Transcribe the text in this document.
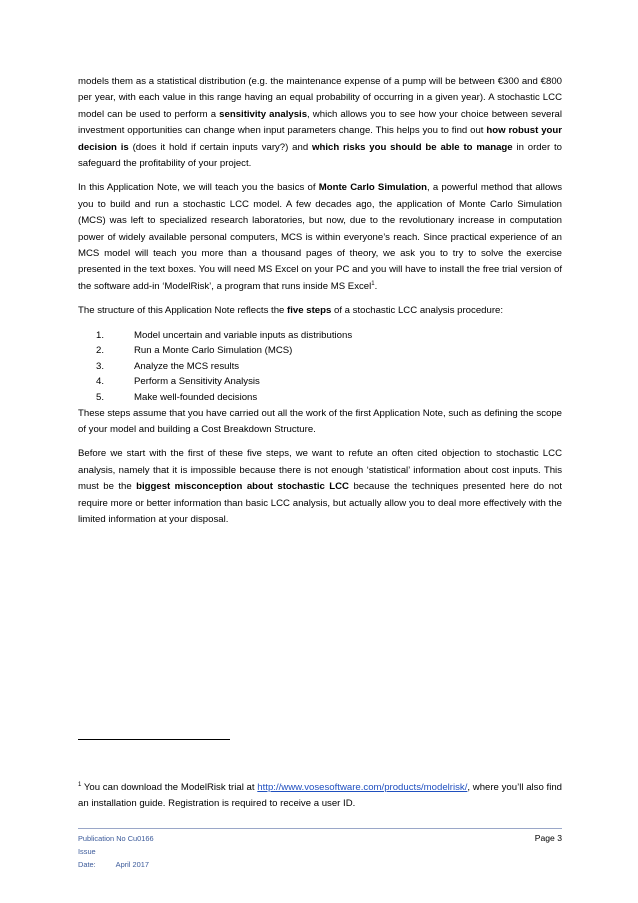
models them as a statistical distribution (e.g. the maintenance expense of a pump will be between €300 and €800 per year, with each value in this range having an equal probability of occurring in a given year). A stochastic LCC model can be used to perform a sensitivity analysis, which allows you to see how your choice between several investment opportunities can change when input parameters change. This helps you to find out how robust your decision is (does it hold if certain inputs vary?) and which risks you should be able to manage in order to safeguard the profitability of your project.

In this Application Note, we will teach you the basics of Monte Carlo Simulation, a powerful method that allows you to build and run a stochastic LCC model. A few decades ago, the application of Monte Carlo Simulation (MCS) was left to specialized research laboratories, but now, due to the revolutionary increase in computation power of widely available personal computers, MCS is within everyone’s reach. Since practical experience of an MCS model will teach you more than a thousand pages of theory, we ask you to try to solve the exercise presented in the text boxes. You will need MS Excel on your PC and you will have to install the free trial version of the software add-in ‘ModelRisk’, a program that runs inside MS Excel$^1$.

The structure of this Application Note reflects the five steps of a stochastic LCC analysis procedure:

1.	Model uncertain and variable inputs as distributions
2.	Run a Monte Carlo Simulation (MCS)
3.	Analyze the MCS results
4.	Perform a Sensitivity Analysis
5.	Make well-founded decisions

These steps assume that you have carried out all the work of the first Application Note, such as defining the scope of your model and building a Cost Breakdown Structure.

Before we start with the first of these five steps, we want to refute an often cited objection to stochastic LCC analysis, namely that it is impossible because there is not enough ‘statistical’ information about cost inputs. This must be the biggest misconception about stochastic LCC because the techniques presented here do not require more or better information than basic LCC analysis, but actually allow you to deal more effectively with the limited information at your disposal.

$^1$ You can download the ModelRisk trial at http://www.vosesoftware.com/products/modelrisk/, where you’ll also find an installation guide. Registration is required to receive a user ID.
Publication No Cu0166	Page 3
Issue Date:	April 2017
